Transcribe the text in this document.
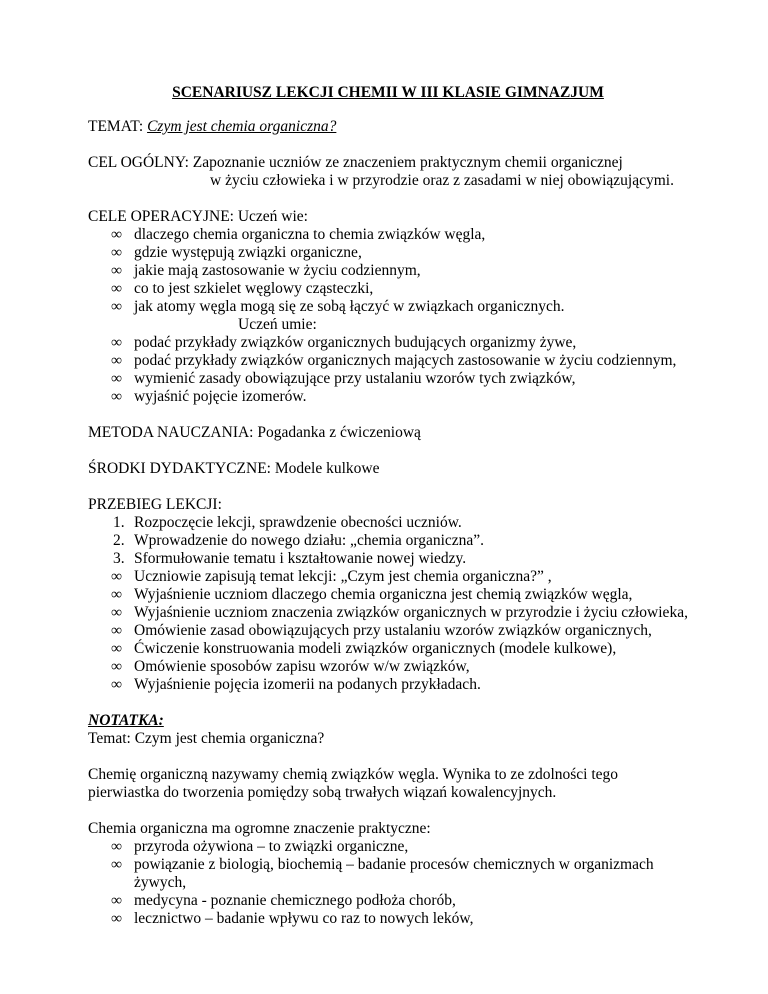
SCENARIUSZ LEKCJI CHEMII W III KLASIE GIMNAZJUM

TEMAT: Czym jest chemia organiczna?

CEL OGÓLNY: Zapoznanie uczniów ze znaczeniem praktycznym chemii organicznej

w życiu człowieka i w przyrodzie oraz z zasadami w niej obowiązującymi.

CELE OPERACYJNE: Uczeń wie:

∞ dlaczego chemia organiczna to chemia związków węgla,
∞ gdzie występują związki organiczne,
∞ jakie mają zastosowanie w życiu codziennym,
∞ co to jest szkielet węglowy cząsteczki,
∞ jak atomy węgla mogą się ze sobą łączyć w związkach organicznych.

Uczeń umie:

∞ podać przykłady związków organicznych budujących organizmy żywe,
∞ podać przykłady związków organicznych mających zastosowanie w życiu codziennym,
∞ wymienić zasady obowiązujące przy ustalaniu wzorów tych związków,
∞ wyjaśnić pojęcie izomerów.

METODA NAUCZANIA: Pogadanka z ćwiczeniową

ŚRODKI DYDAKTYCZNE: Modele kulkowe

PRZEBIEG LEKCJI:

1. Rozpoczęcie lekcji, sprawdzenie obecności uczniów.
2. Wprowadzenie do nowego działu: „chemia organiczna”.
3. Sformułowanie tematu i kształtowanie nowej wiedzy.
∞ Uczniowie zapisują temat lekcji: „Czym jest chemia organiczna?” ,
∞ Wyjaśnienie uczniom dlaczego chemia organiczna jest chemią związków węgla,
∞ Wyjaśnienie uczniom znaczenia związków organicznych w przyrodzie i życiu człowieka,
∞ Omówienie zasad obowiązujących przy ustalaniu wzorów związków organicznych,
∞ Ćwiczenie konstruowania modeli związków organicznych (modele kulkowe),
∞ Omówienie sposobów zapisu wzorów w/w związków,
∞ Wyjaśnienie pojęcia izomerii na podanych przykładach.

NOTATKA:

Temat: Czym jest chemia organiczna?

Chemię organiczną nazywamy chemią związków węgla. Wynika to ze zdolności tego pierwiastka do tworzenia pomiędzy sobą trwałych wiązań kowalencyjnych.

Chemia organiczna ma ogromne znaczenie praktyczne:

∞ przyroda ożywiona – to związki organiczne,
∞ powiązanie z biologią, biochemią – badanie procesów chemicznych w organizmach żywych,
∞ medycyna - poznanie chemicznego podłoża chorób,
∞ lecznictwo – badanie wpływu co raz to nowych leków,
